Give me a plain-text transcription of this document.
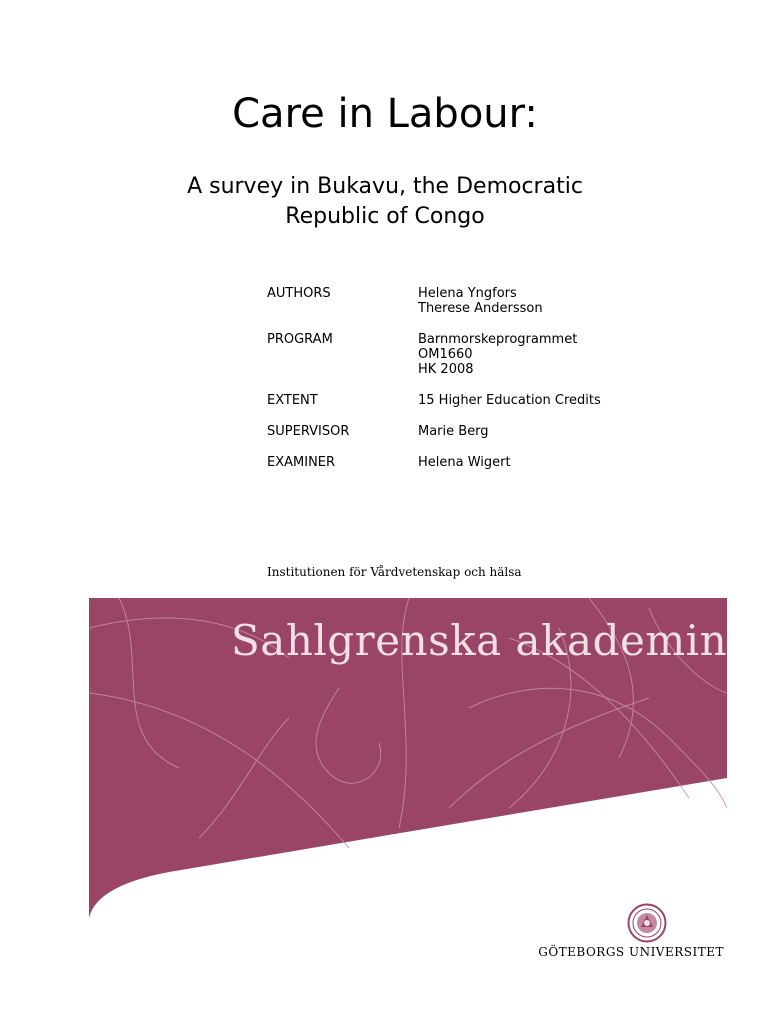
Care in Labour:
A survey in Bukavu, the Democratic
Republic of Congo
AUTHORS	Helena Yngfors
Therese Andersson
PROGRAM	Barnmorskeprogrammet
OM1660
HK 2008
EXTENT	15 Higher Education Credits
SUPERVISOR	Marie Berg
EXAMINER	Helena Wigert
Institutionen för Vårdvetenskap och hälsa
Sahlgrenska akademin
GÖTEBORGS UNIVERSITET
